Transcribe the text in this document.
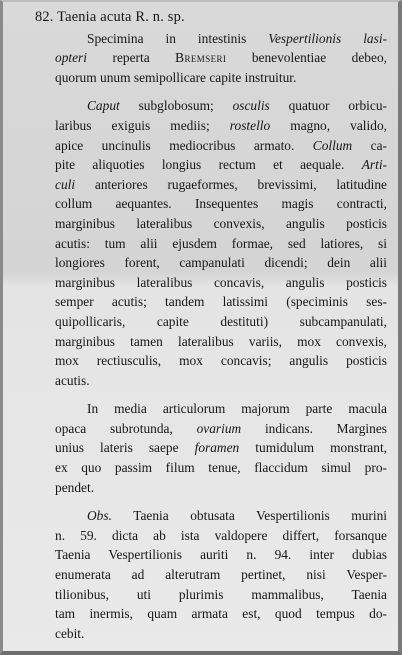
82. Taenia acuta R. n. sp.
Specimina in intestinis Vespertilionis lasi-
opteri reperta Bremseri benevolentiae debeo,
quorum unum semipollicare capite instruitur.
Caput subglobosum; osculis quatuor orbicu-
laribus exiguis mediis; rostello magno, valido,
apice uncinulis mediocribus armato. Collum ca-
pite aliquoties longius rectum et aequale. Arti-
culi anteriores rugaeformes, brevissimi, latitudine
collum aequantes. Insequentes magis contracti,
marginibus lateralibus convexis, angulis posticis
acutis: tum alii ejusdem formae, sed latiores, si
longiores forent, campanulati dicendi; dein alii
marginibus lateralibus concavis, angulis posticis
semper acutis; tandem latissimi (speciminis ses-
quipollicaris, capite destituti) subcampanulati,
marginibus tamen lateralibus variis, mox convexis,
mox rectiusculis, mox concavis; angulis posticis
acutis.
In media articulorum majorum parte macula
opaca subrotunda, ovarium indicans. Margines
unius lateris saepe foramen tumidulum monstrant,
ex quo passim filum tenue, flaccidum simul pro-
pendet.
Obs. Taenia obtusata Vespertilionis murini
n. 59. dicta ab ista valdopere differt, forsanque
Taenia Vespertilionis auriti n. 94. inter dubias
enumerata ad alterutram pertinet, nisi Vesper-
tilionibus, uti plurimis mammalibus, Taenia
tam inermis, quam armata est, quod tempus do-
cebit.
